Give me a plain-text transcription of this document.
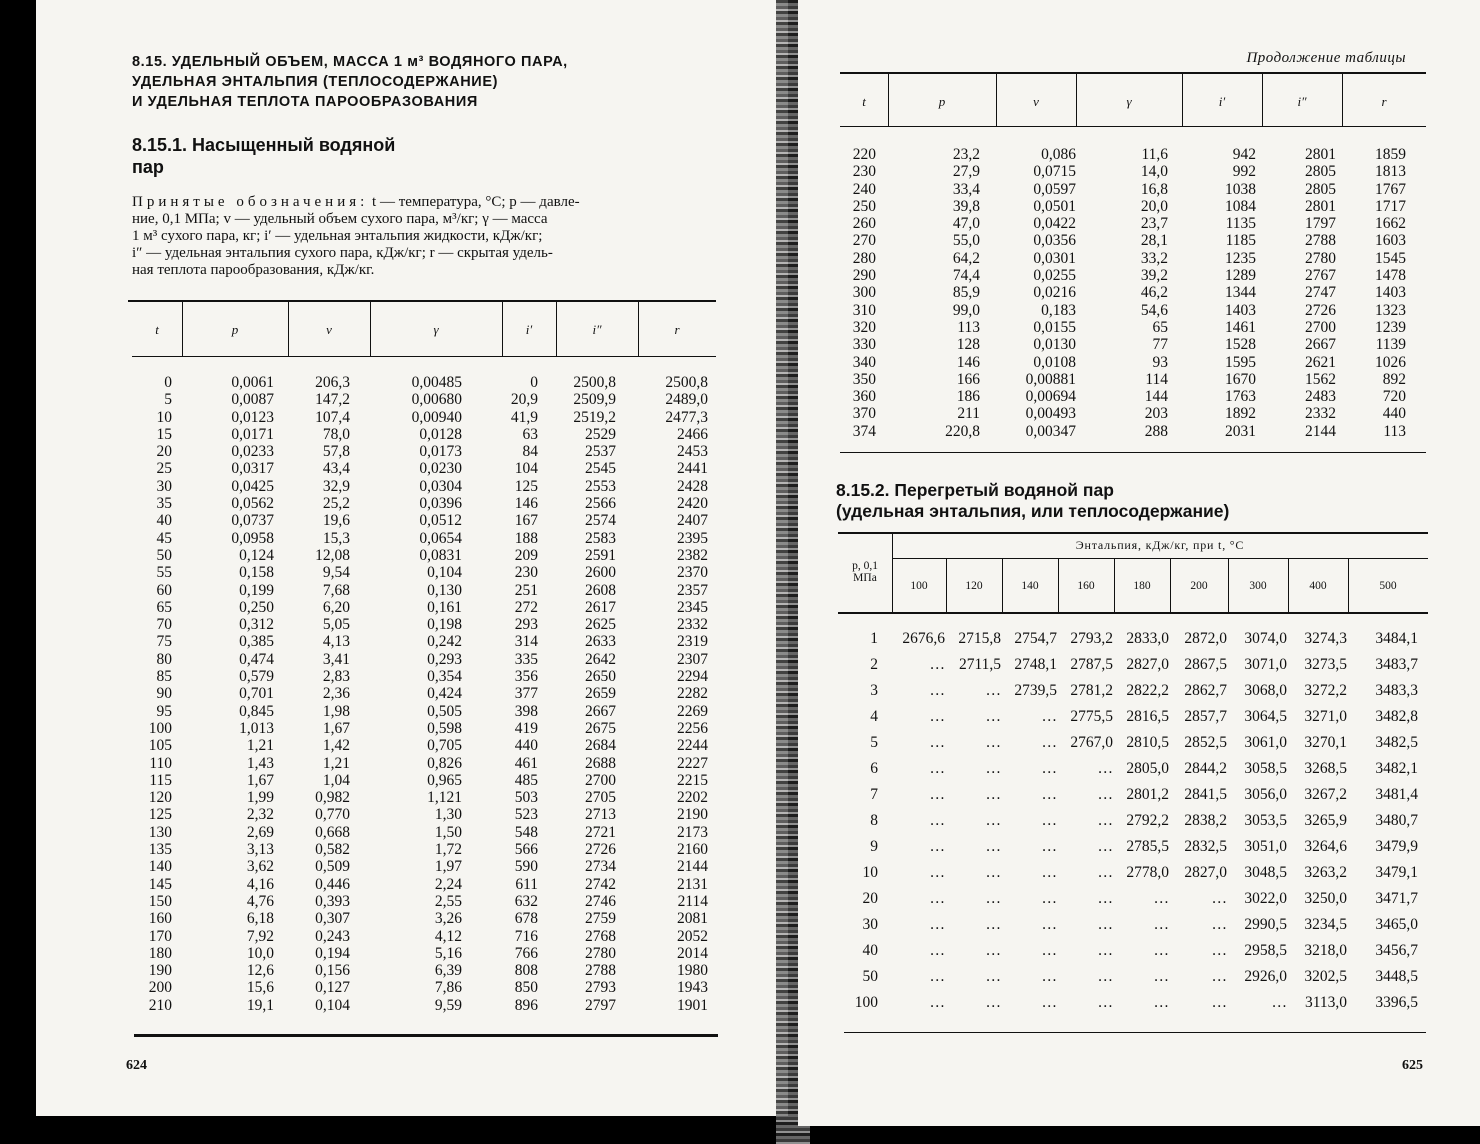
8.15. УДЕЛЬНЫЙ ОБЪЕМ, МАССА 1 м³ ВОДЯНОГО ПАРА,
УДЕЛЬНАЯ ЭНТАЛЬПИЯ (ТЕПЛОСОДЕРЖАНИЕ)
И УДЕЛЬНАЯ ТЕПЛОТА ПАРООБРАЗОВАНИЯ
8.15.1. Насыщенный водяной
пар
Принятые обозначения: t — температура, °C; p — давле-
ние, 0,1 МПа; v — удельный объем сухого пара, м³/кг; γ — масса
1 м³ сухого пара, кг; i′ — удельная энтальпия жидкости, кДж/кг;
i″ — удельная энтальпия сухого пара, кДж/кг; r — скрытая удель-
ная теплота парообразования, кДж/кг.
t	p	v	γ	i′	i″	r
0	0,0061	206,3	0,00485	0	2500,8	2500,8
5	0,0087	147,2	0,00680	20,9	2509,9	2489,0
10	0,0123	107,4	0,00940	41,9	2519,2	2477,3
15	0,0171	78,0	0,0128	63	2529	2466
20	0,0233	57,8	0,0173	84	2537	2453
25	0,0317	43,4	0,0230	104	2545	2441
30	0,0425	32,9	0,0304	125	2553	2428
35	0,0562	25,2	0,0396	146	2566	2420
40	0,0737	19,6	0,0512	167	2574	2407
45	0,0958	15,3	0,0654	188	2583	2395
50	0,124	12,08	0,0831	209	2591	2382
55	0,158	9,54	0,104	230	2600	2370
60	0,199	7,68	0,130	251	2608	2357
65	0,250	6,20	0,161	272	2617	2345
70	0,312	5,05	0,198	293	2625	2332
75	0,385	4,13	0,242	314	2633	2319
80	0,474	3,41	0,293	335	2642	2307
85	0,579	2,83	0,354	356	2650	2294
90	0,701	2,36	0,424	377	2659	2282
95	0,845	1,98	0,505	398	2667	2269
100	1,013	1,67	0,598	419	2675	2256
105	1,21	1,42	0,705	440	2684	2244
110	1,43	1,21	0,826	461	2688	2227
115	1,67	1,04	0,965	485	2700	2215
120	1,99	0,982	1,121	503	2705	2202
125	2,32	0,770	1,30	523	2713	2190
130	2,69	0,668	1,50	548	2721	2173
135	3,13	0,582	1,72	566	2726	2160
140	3,62	0,509	1,97	590	2734	2144
145	4,16	0,446	2,24	611	2742	2131
150	4,76	0,393	2,55	632	2746	2114
160	6,18	0,307	3,26	678	2759	2081
170	7,92	0,243	4,12	716	2768	2052
180	10,0	0,194	5,16	766	2780	2014
190	12,6	0,156	6,39	808	2788	1980
200	15,6	0,127	7,86	850	2793	1943
210	19,1	0,104	9,59	896	2797	1901
624
Продолжение таблицы
t	p	v	γ	i′	i″	r
220	23,2	0,086	11,6	942	2801	1859
230	27,9	0,0715	14,0	992	2805	1813
240	33,4	0,0597	16,8	1038	2805	1767
250	39,8	0,0501	20,0	1084	2801	1717
260	47,0	0,0422	23,7	1135	1797	1662
270	55,0	0,0356	28,1	1185	2788	1603
280	64,2	0,0301	33,2	1235	2780	1545
290	74,4	0,0255	39,2	1289	2767	1478
300	85,9	0,0216	46,2	1344	2747	1403
310	99,0	0,183	54,6	1403	2726	1323
320	113	0,0155	65	1461	2700	1239
330	128	0,0130	77	1528	2667	1139
340	146	0,0108	93	1595	2621	1026
350	166	0,00881	114	1670	1562	892
360	186	0,00694	144	1763	2483	720
370	211	0,00493	203	1892	2332	440
374	220,8	0,00347	288	2031	2144	113
8.15.2. Перегретый водяной пар
(удельная энтальпия, или теплосодержание)
Энтальпия, кДж/кг, при t, °C
p, 0,1
МПа
100	120	140	160	180	200	300	400	500
1	2676,6	2715,8	2754,7	2793,2	2833,0	2872,0	3074,0	3274,3	3484,1
2	…	2711,5	2748,1	2787,5	2827,0	2867,5	3071,0	3273,5	3483,7
3	…	…	2739,5	2781,2	2822,2	2862,7	3068,0	3272,2	3483,3
4	…	…	…	2775,5	2816,5	2857,7	3064,5	3271,0	3482,8
5	…	…	…	2767,0	2810,5	2852,5	3061,0	3270,1	3482,5
6	…	…	…	…	2805,0	2844,2	3058,5	3268,5	3482,1
7	…	…	…	…	2801,2	2841,5	3056,0	3267,2	3481,4
8	…	…	…	…	2792,2	2838,2	3053,5	3265,9	3480,7
9	…	…	…	…	2785,5	2832,5	3051,0	3264,6	3479,9
10	…	…	…	…	2778,0	2827,0	3048,5	3263,2	3479,1
20	…	…	…	…	…	…	3022,0	3250,0	3471,7
30	…	…	…	…	…	…	2990,5	3234,5	3465,0
40	…	…	…	…	…	…	2958,5	3218,0	3456,7
50	…	…	…	…	…	…	2926,0	3202,5	3448,5
100	…	…	…	…	…	…	…	3113,0	3396,5
625
